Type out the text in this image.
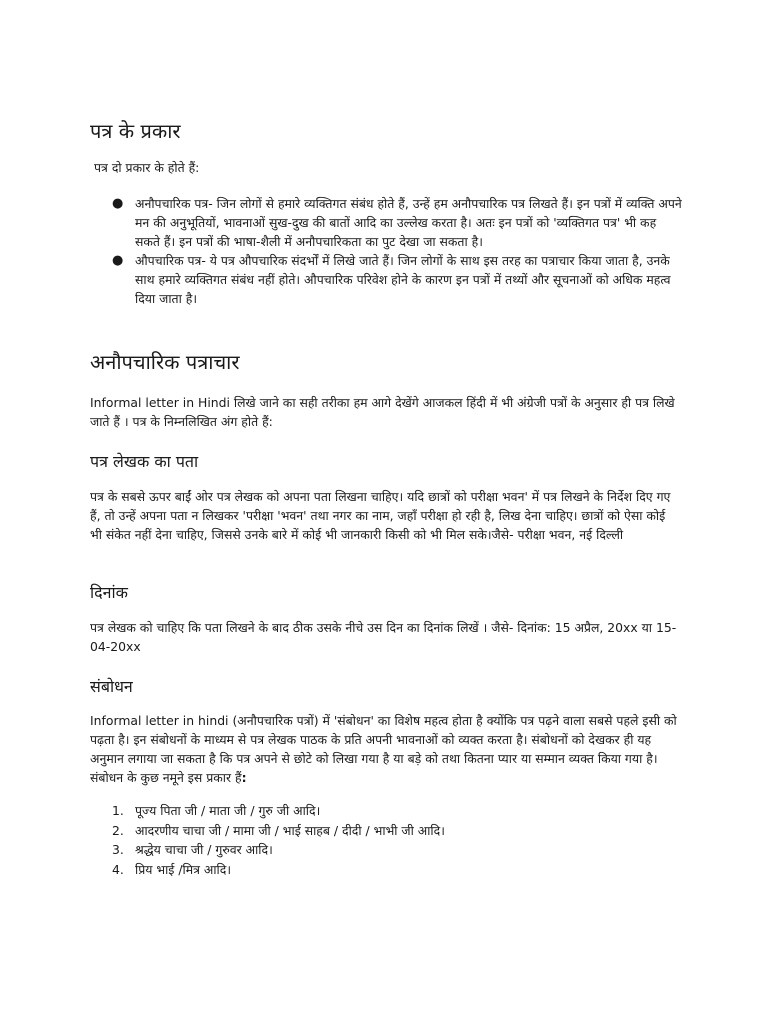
पत्र के प्रकार

पत्र दो प्रकार के होते हैं:

● अनौपचारिक पत्र- जिन लोगों से हमारे व्यक्तिगत संबंध होते हैं, उन्हें हम अनौपचारिक पत्र लिखते हैं। इन पत्रों में व्यक्ति अपने मन की अनुभूतियों, भावनाओं सुख-दुख की बातों आदि का उल्लेख करता है। अतः इन पत्रों को 'व्यक्तिगत पत्र' भी कह सकते हैं। इन पत्रों की भाषा-शैली में अनौपचारिकता का पुट देखा जा सकता है।
● औपचारिक पत्र- ये पत्र औपचारिक संदर्भों में लिखे जाते हैं। जिन लोगों के साथ इस तरह का पत्राचार किया जाता है, उनके साथ हमारे व्यक्तिगत संबंध नहीं होते। औपचारिक परिवेश होने के कारण इन पत्रों में तथ्यों और सूचनाओं को अधिक महत्व दिया जाता है।
अनौपचारिक पत्राचार

Informal letter in Hindi लिखे जाने का सही तरीका हम आगे देखेंगे आजकल हिंदी में भी अंग्रेजी पत्रों के अनुसार ही पत्र लिखे जाते हैं । पत्र के निम्नलिखित अंग होते हैं:

पत्र लेखक का पता

पत्र के सबसे ऊपर बाईं ओर पत्र लेखक को अपना पता लिखना चाहिए। यदि छात्रों को परीक्षा भवन' में पत्र लिखने के निर्देश दिए गए हैं, तो उन्हें अपना पता न लिखकर 'परीक्षा 'भवन' तथा नगर का नाम, जहाँ परीक्षा हो रही है, लिख देना चाहिए। छात्रों को ऐसा कोई भी संकेत नहीं देना चाहिए, जिससे उनके बारे में कोई भी जानकारी किसी को भी मिल सके।जैसे- परीक्षा भवन, नई दिल्ली

दिनांक

पत्र लेखक को चाहिए कि पता लिखने के बाद ठीक उसके नीचे उस दिन का दिनांक लिखें । जैसे- दिनांक: 15 अप्रैल, 20xx या 15-04-20xx

संबोधन

Informal letter in hindi (अनौपचारिक पत्रों) में 'संबोधन' का विशेष महत्व होता है क्योंकि पत्र पढ़ने वाला सबसे पहले इसी को पढ़ता है। इन संबोधनों के माध्यम से पत्र लेखक पाठक के प्रति अपनी भावनाओं को व्यक्त करता है। संबोधनों को देखकर ही यह अनुमान लगाया जा सकता है कि पत्र अपने से छोटे को लिखा गया है या बड़े को तथा कितना प्यार या सम्मान व्यक्त किया गया है। संबोधन के कुछ नमूने इस प्रकार हैं:

1. पूज्य पिता जी / माता जी / गुरु जी आदि।
2. आदरणीय चाचा जी / मामा जी / भाई साहब / दीदी / भाभी जी आदि।
3. श्रद्धेय चाचा जी / गुरुवर आदि।
4. प्रिय भाई /मित्र आदि।
